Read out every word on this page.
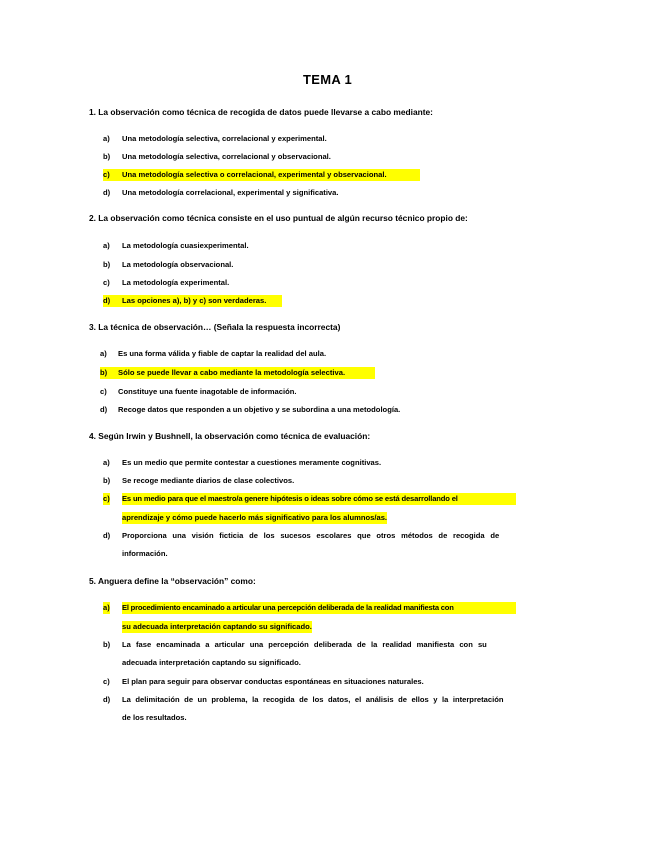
TEMA 1
1. La observación como técnica de recogida de datos puede llevarse a cabo mediante:
a) Una metodología selectiva, correlacional y experimental.
b) Una metodología selectiva, correlacional y observacional.
c) Una metodología selectiva o correlacional, experimental y observacional.
d) Una metodología correlacional, experimental y significativa.
2. La observación como técnica consiste en el uso puntual de algún recurso técnico propio de:
a) La metodología cuasiexperimental.
b) La metodología observacional.
c) La metodología experimental.
d) Las opciones a), b) y c) son verdaderas.
3. La técnica de observación… (Señala la respuesta incorrecta)
a) Es una forma válida y fiable de captar la realidad del aula.
b) Sólo se puede llevar a cabo mediante la metodología selectiva.
c) Constituye una fuente inagotable de información.
d) Recoge datos que responden a un objetivo y se subordina a una metodología.
4. Según Irwin y Bushnell, la observación como técnica de evaluación:
a) Es un medio que permite contestar a cuestiones meramente cognitivas.
b) Se recoge mediante diarios de clase colectivos.
c) Es un medio para que el maestro/a genere hipótesis o ideas sobre cómo se está desarrollando el
aprendizaje y cómo puede hacerlo más significativo para los alumnos/as.
d) Proporciona una visión ficticia de los sucesos escolares que otros métodos de recogida de
información.
5. Anguera define la “observación” como:
a) El procedimiento encaminado a articular una percepción deliberada de la realidad manifiesta con
su adecuada interpretación captando su significado.
b) La fase encaminada a articular una percepción deliberada de la realidad manifiesta con su
adecuada interpretación captando su significado.
c) El plan para seguir para observar conductas espontáneas en situaciones naturales.
d) La delimitación de un problema, la recogida de los datos, el análisis de ellos y la interpretación
de los resultados.
